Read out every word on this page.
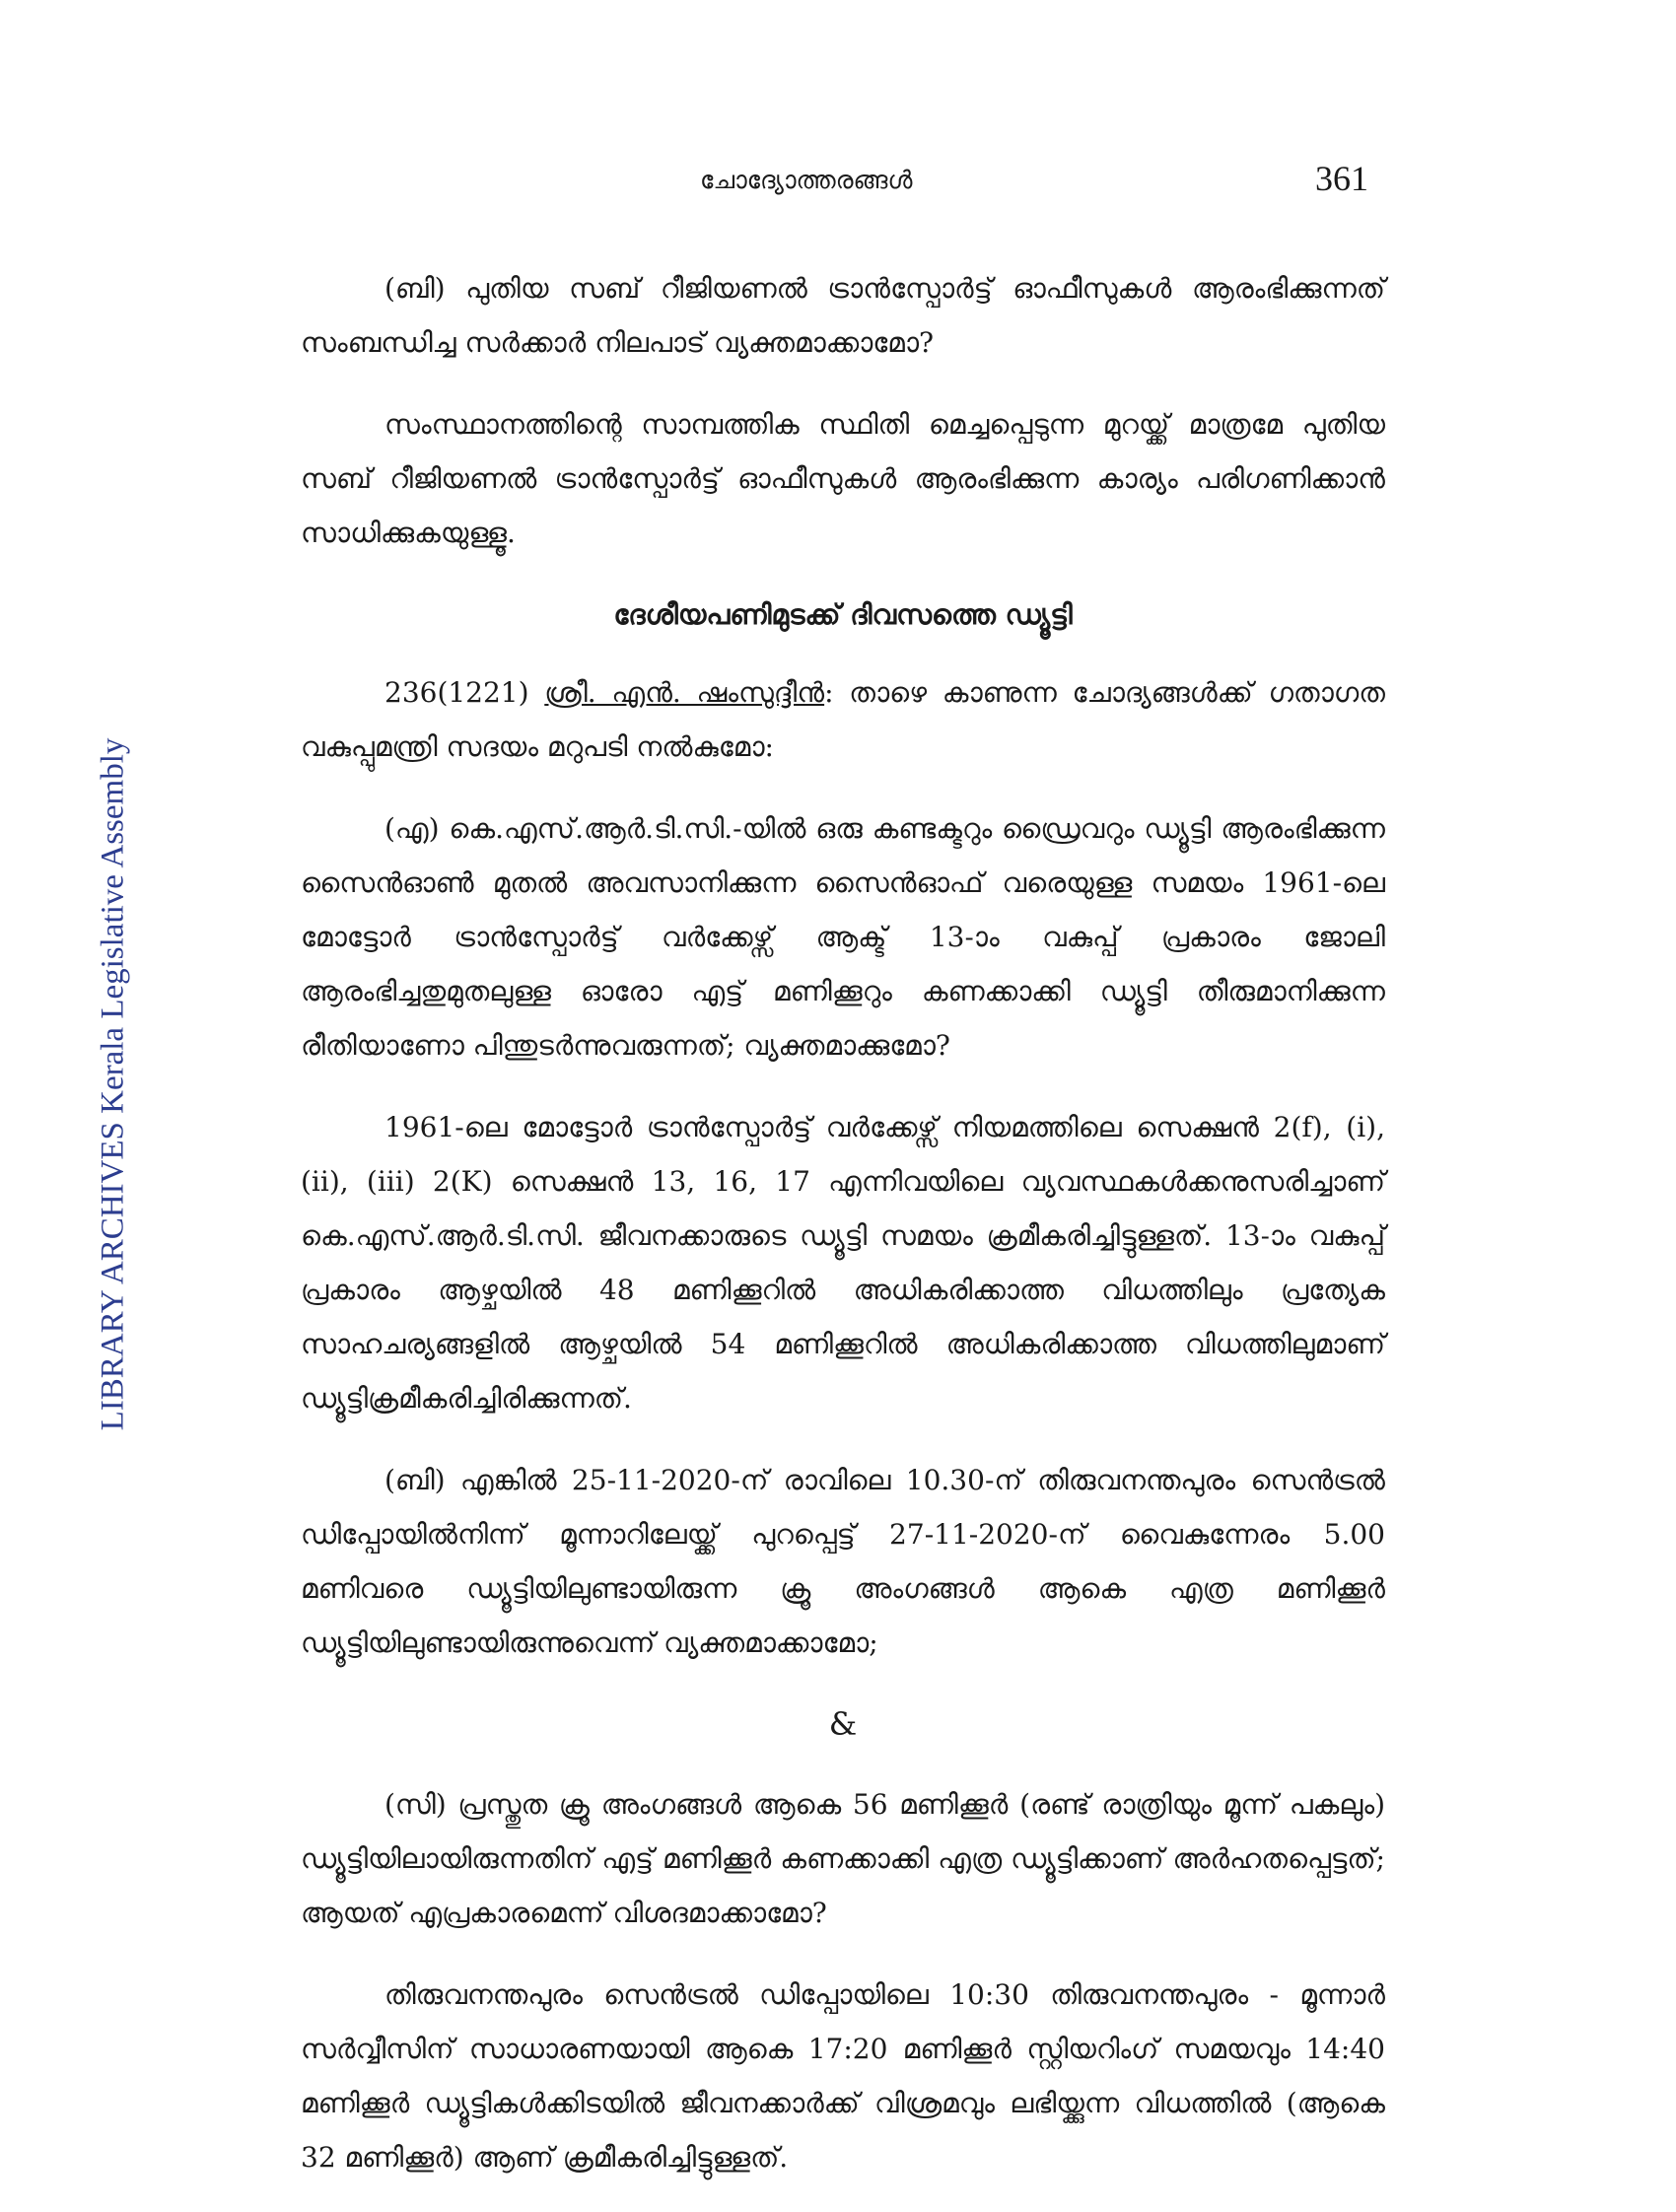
ചോദ്യോത്തരങ്ങൾ	361
LIBRARY ARCHIVES Kerala Legislative Assembly

(ബി) പുതിയ സബ് റീജിയണൽ ട്രാൻസ്പോർട്ട് ഓഫീസുകൾ ആരംഭിക്കുന്നത് സംബന്ധിച്ച സർക്കാർ നിലപാട് വ്യക്തമാക്കാമോ?

സംസ്ഥാനത്തിന്റെ സാമ്പത്തിക സ്ഥിതി മെച്ചപ്പെടുന്ന മുറയ്ക്ക് മാത്രമേ പുതിയ സബ് റീജിയണൽ ട്രാൻസ്പോർട്ട് ഓഫീസുകൾ ആരംഭിക്കുന്ന കാര്യം പരിഗണിക്കാൻ സാധിക്കുകയുള്ളൂ.

ദേശീയപണിമുടക്ക് ദിവസത്തെ ഡ്യൂട്ടി

236(1221) ശ്രീ. എൻ. ഷംസുദ്ദീൻ: താഴെ കാണുന്ന ചോദ്യങ്ങൾക്ക് ഗതാഗത വകുപ്പുമന്ത്രി സദയം മറുപടി നൽകുമോ:

(എ) കെ.എസ്.ആർ.ടി.സി.-യിൽ ഒരു കണ്ടക്ടറും ഡ്രൈവറും ഡ്യൂട്ടി ആരംഭിക്കുന്ന സൈൻഓൺ മുതൽ അവസാനിക്കുന്ന സൈൻഓഫ് വരെയുള്ള സമയം 1961-ലെ മോട്ടോർ ട്രാൻസ്പോർട്ട് വർക്കേഴ്സ് ആക്ട് 13-ാം വകുപ്പ് പ്രകാരം ജോലി ആരംഭിച്ചതുമുതലുള്ള ഓരോ എട്ട് മണിക്കൂറും കണക്കാക്കി ഡ്യൂട്ടി തീരുമാനിക്കുന്ന രീതിയാണോ പിന്തുടർന്നുവരുന്നത്; വ്യക്തമാക്കുമോ?

1961-ലെ മോട്ടോർ ട്രാൻസ്പോർട്ട് വർക്കേഴ്സ് നിയമത്തിലെ സെക്ഷൻ 2(f), (i), (ii), (iii) 2(K) സെക്ഷൻ 13, 16, 17 എന്നിവയിലെ വ്യവസ്ഥകൾക്കനുസരിച്ചാണ് കെ.എസ്.ആർ.ടി.സി. ജീവനക്കാരുടെ ഡ്യൂട്ടി സമയം ക്രമീകരിച്ചിട്ടുള്ളത്. 13-ാം വകുപ്പ് പ്രകാരം ആഴ്ചയിൽ 48 മണിക്കൂറിൽ അധികരിക്കാത്ത വിധത്തിലും പ്രത്യേക സാഹചര്യങ്ങളിൽ ആഴ്ചയിൽ 54 മണിക്കൂറിൽ അധികരിക്കാത്ത വിധത്തിലുമാണ് ഡ്യൂട്ടിക്രമീകരിച്ചിരിക്കുന്നത്.

(ബി) എങ്കിൽ 25-11-2020-ന് രാവിലെ 10.30-ന് തിരുവനന്തപുരം സെൻട്രൽ ഡിപ്പോയിൽനിന്ന് മൂന്നാറിലേയ്ക്ക് പുറപ്പെട്ട് 27-11-2020-ന് വൈകുന്നേരം 5.00 മണിവരെ ഡ്യൂട്ടിയിലുണ്ടായിരുന്ന ക്രൂ അംഗങ്ങൾ ആകെ എത്ര മണിക്കൂർ ഡ്യൂട്ടിയിലുണ്ടായിരുന്നുവെന്ന് വ്യക്തമാക്കാമോ;

&

(സി) പ്രസ്തുത ക്രൂ അംഗങ്ങൾ ആകെ 56 മണിക്കൂർ (രണ്ട് രാത്രിയും മൂന്ന് പകലും) ഡ്യൂട്ടിയിലായിരുന്നതിന് എട്ട് മണിക്കൂർ കണക്കാക്കി എത്ര ഡ്യൂട്ടിക്കാണ് അർഹതപ്പെട്ടത്; ആയത് എപ്രകാരമെന്ന് വിശദമാക്കാമോ?

തിരുവനന്തപുരം സെൻട്രൽ ഡിപ്പോയിലെ 10:30 തിരുവനന്തപുരം - മൂന്നാർ സർവ്വീസിന് സാധാരണയായി ആകെ 17:20 മണിക്കൂർ സ്റ്റിയറിംഗ് സമയവും 14:40 മണിക്കൂർ ഡ്യൂട്ടികൾക്കിടയിൽ ജീവനക്കാർക്ക് വിശ്രമവും ലഭിയ്ക്കുന്ന വിധത്തിൽ (ആകെ 32 മണിക്കൂർ) ആണ് ക്രമീകരിച്ചിട്ടുള്ളത്.
